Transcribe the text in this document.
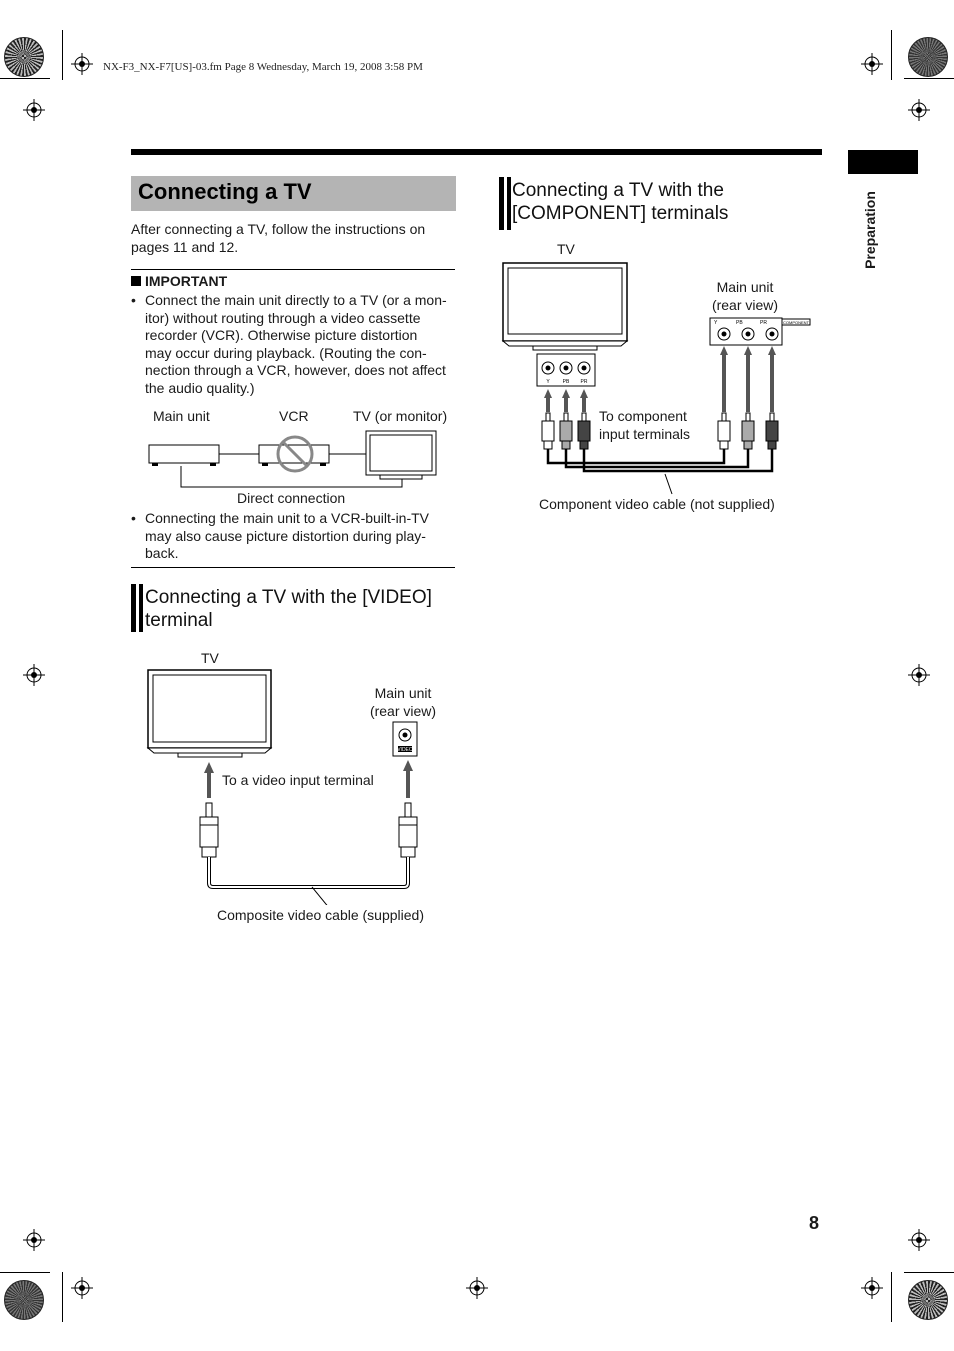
NX-F3_NX-F7[US]-03.fm Page 8 Wednesday, March 19, 2008 3:58 PM
Preparation
Connecting a TV
After connecting a TV, follow the instructions on pages 11 and 12.
IMPORTANT
• Connect the main unit directly to a TV (or a mon-
itor) without routing through a video cassette
recorder (VCR). Otherwise picture distortion
may occur during playback. (Routing the con-
nection through a VCR, however, does not affect
the audio quality.)
Main unit	VCR	TV (or monitor)
Direct connection
• Connecting the main unit to a VCR-built-in-TV
may also cause picture distortion during play-
back.
Connecting a TV with the [VIDEO]
terminal
TV
Main unit
(rear view)
VIDEO
To a video input terminal
Composite video cable (supplied)
Connecting a TV with the
[COMPONENT] terminals
TV
Main unit
(rear view)
Y	PB PR
COMPONENT
Y	PB	PR
To component
input terminals
Component video cable (not supplied)
8
